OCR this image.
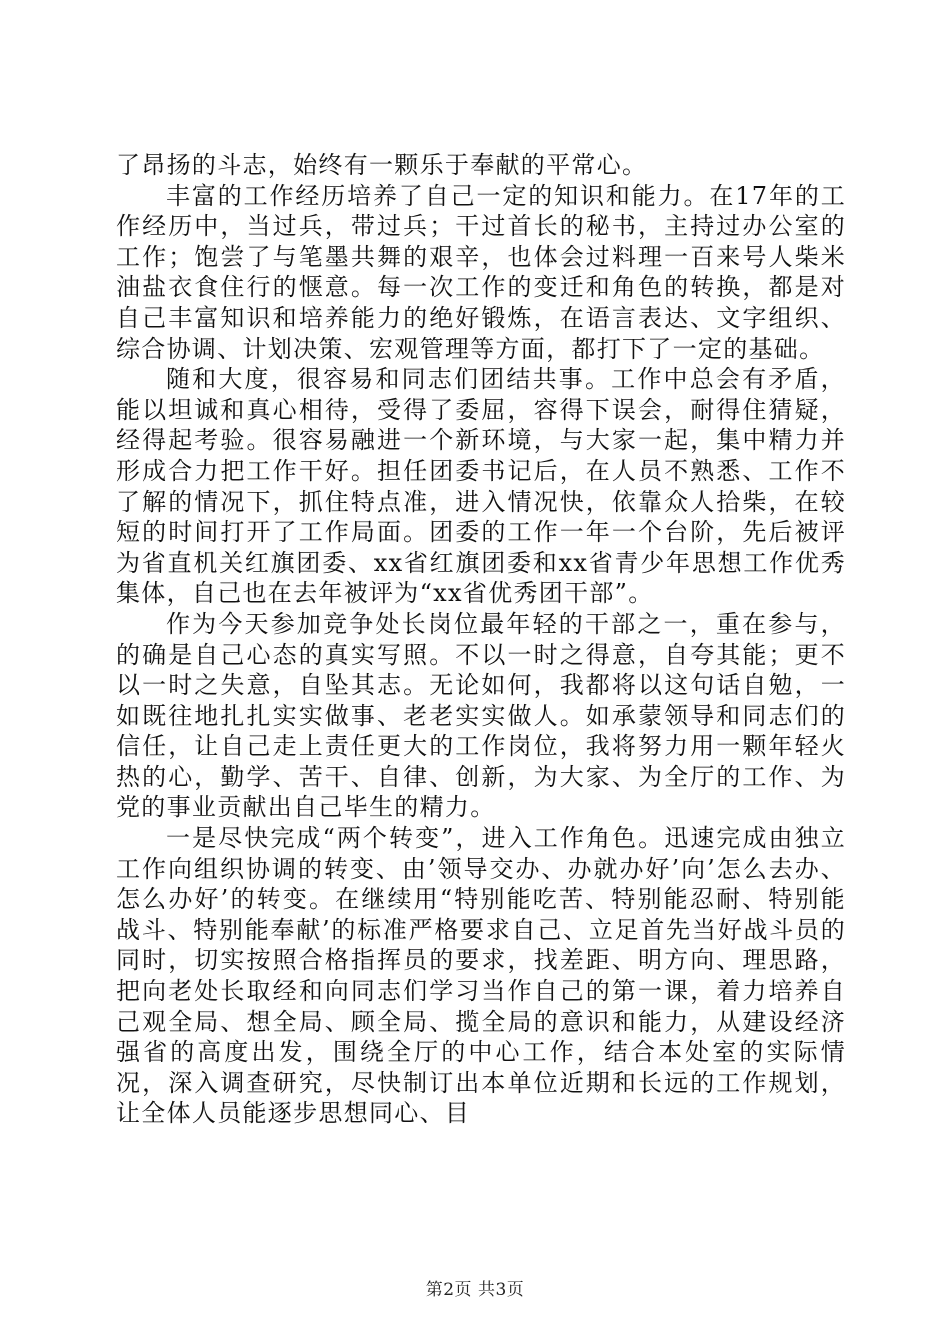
了昂扬的斗志，始终有一颗乐于奉献的平常心。

丰富的工作经历培养了自己一定的知识和能力。在17年的工作经历中，当过兵，带过兵；干过首长的秘书，主持过办公室的工作；饱尝了与笔墨共舞的艰辛，也体会过料理一百来号人柴米油盐衣食住行的惬意。每一次工作的变迁和角色的转换，都是对自己丰富知识和培养能力的绝好锻炼，在语言表达、文字组织、综合协调、计划决策、宏观管理等方面，都打下了一定的基础。

随和大度，很容易和同志们团结共事。工作中总会有矛盾，能以坦诚和真心相待，受得了委屈，容得下误会，耐得住猜疑，经得起考验。很容易融进一个新环境，与大家一起，集中精力并形成合力把工作干好。担任团委书记后，在人员不熟悉、工作不了解的情况下，抓住特点准，进入情况快，依靠众人拾柴，在较短的时间打开了工作局面。团委的工作一年一个台阶，先后被评为省直机关红旗团委、xx省红旗团委和xx省青少年思想工作优秀集体，自己也在去年被评为“xx省优秀团干部”。

作为今天参加竞争处长岗位最年轻的干部之一，重在参与，的确是自己心态的真实写照。不以一时之得意，自夸其能；更不以一时之失意，自坠其志。无论如何，我都将以这句话自勉，一如既往地扎扎实实做事、老老实实做人。如承蒙领导和同志们的信任，让自己走上责任更大的工作岗位，我将努力用一颗年轻火热的心，勤学、苦干、自律、创新，为大家、为全厅的工作、为党的事业贡献出自己毕生的精力。

一是尽快完成“两个转变”，进入工作角色。迅速完成由独立工作向组织协调的转变、由’领导交办、办就办好’向’怎么去办、怎么办好’的转变。在继续用“特别能吃苦、特别能忍耐、特别能战斗、特别能奉献’的标准严格要求自己、立足首先当好战斗员的同时，切实按照合格指挥员的要求，找差距、明方向、理思路，把向老处长取经和向同志们学习当作自己的第一课，着力培养自己观全局、想全局、顾全局、揽全局的意识和能力，从建设经济强省的高度出发，围绕全厅的中心工作，结合本处室的实际情况，深入调查研究，尽快制订出本单位近期和长远的工作规划，让全体人员能逐步思想同心、目

第2页 共3页
